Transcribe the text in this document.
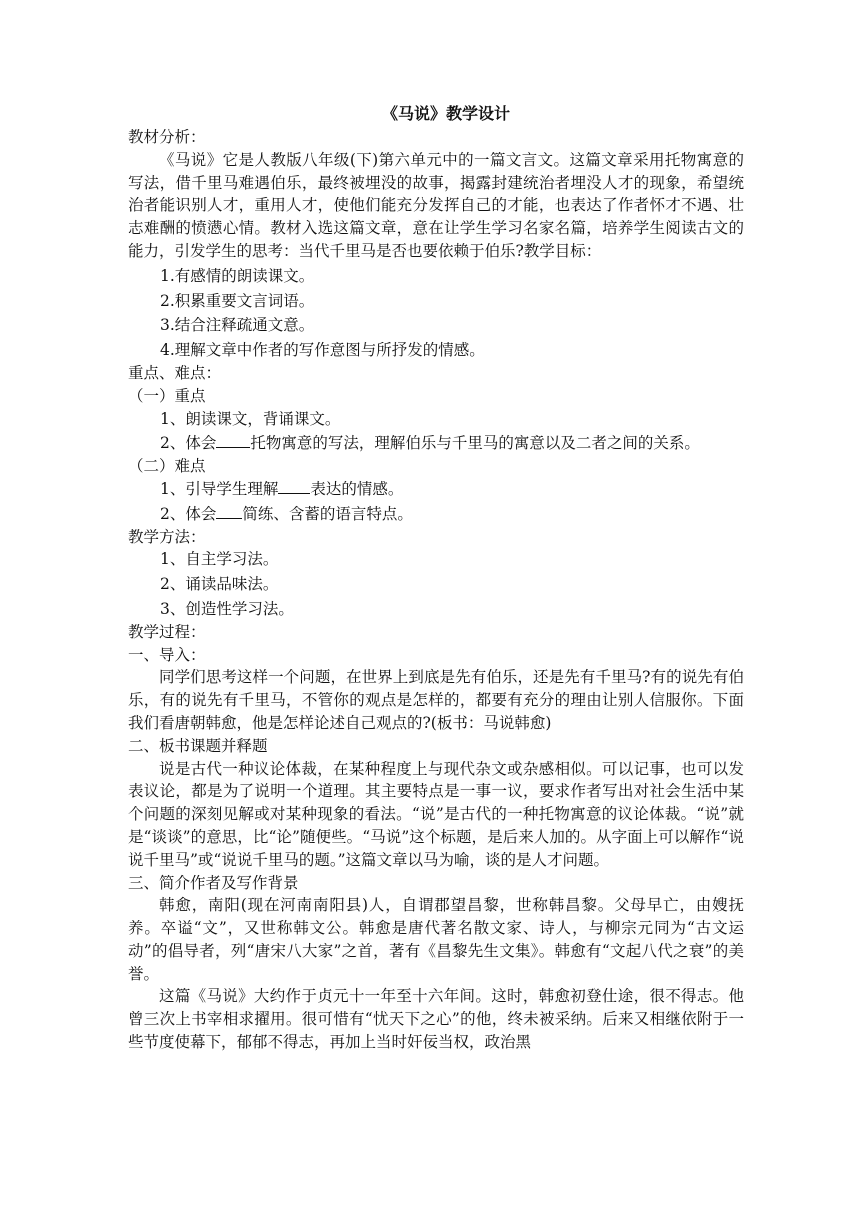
《马说》教学设计

教材分析：

《马说》它是人教版八年级(下)第六单元中的一篇文言文。这篇文章采用托物寓意的写法，借千里马难遇伯乐，最终被埋没的故事，揭露封建统治者埋没人才的现象，希望统治者能识别人才，重用人才，使他们能充分发挥自己的才能，也表达了作者怀才不遇、壮志难酬的愤懑心情。教材入选这篇文章，意在让学生学习名家名篇，培养学生阅读古文的能力，引发学生的思考：当代千里马是否也要依赖于伯乐?教学目标：

1.有感情的朗读课文。

2.积累重要文言词语。

3.结合注释疏通文意。

4.理解文章中作者的写作意图与所抒发的情感。

重点、难点：

（一）重点

1、朗读课文，背诵课文。

2、体会 托物寓意的写法，理解伯乐与千里马的寓意以及二者之间的关系。

（二）难点

1、引导学生理解 表达的情感。

2、体会 简练、含蓄的语言特点。

教学方法：

1、自主学习法。

2、诵读品味法。

3、创造性学习法。

教学过程：

一、导入：

同学们思考这样一个问题，在世界上到底是先有伯乐，还是先有千里马?有的说先有伯乐，有的说先有千里马，不管你的观点是怎样的，都要有充分的理由让别人信服你。下面我们看唐朝韩愈，他是怎样论述自己观点的?(板书：马说韩愈)

二、板书课题并释题

说是古代一种议论体裁，在某种程度上与现代杂文或杂感相似。可以记事，也可以发表议论，都是为了说明一个道理。其主要特点是一事一议，要求作者写出对社会生活中某个问题的深刻见解或对某种现象的看法。“说”是古代的一种托物寓意的议论体裁。“说”就是“谈谈”的意思，比“论”随便些。“马说”这个标题，是后来人加的。从字面上可以解作“说说千里马”或“说说千里马的题。”这篇文章以马为喻，谈的是人才问题。

三、简介作者及写作背景

韩愈，南阳(现在河南南阳县)人，自谓郡望昌黎，世称韩昌黎。父母早亡，由嫂抚养。卒谥“文”，又世称韩文公。韩愈是唐代著名散文家、诗人，与柳宗元同为“古文运动”的倡导者，列“唐宋八大家”之首，著有《昌黎先生文集》。韩愈有“文起八代之衰”的美誉。

这篇《马说》大约作于贞元十一年至十六年间。这时，韩愈初登仕途，很不得志。他曾三次上书宰相求擢用。很可惜有“忧天下之心”的他，终未被采纳。后来又相继依附于一些节度使幕下，郁郁不得志，再加上当时奸佞当权，政治黑
